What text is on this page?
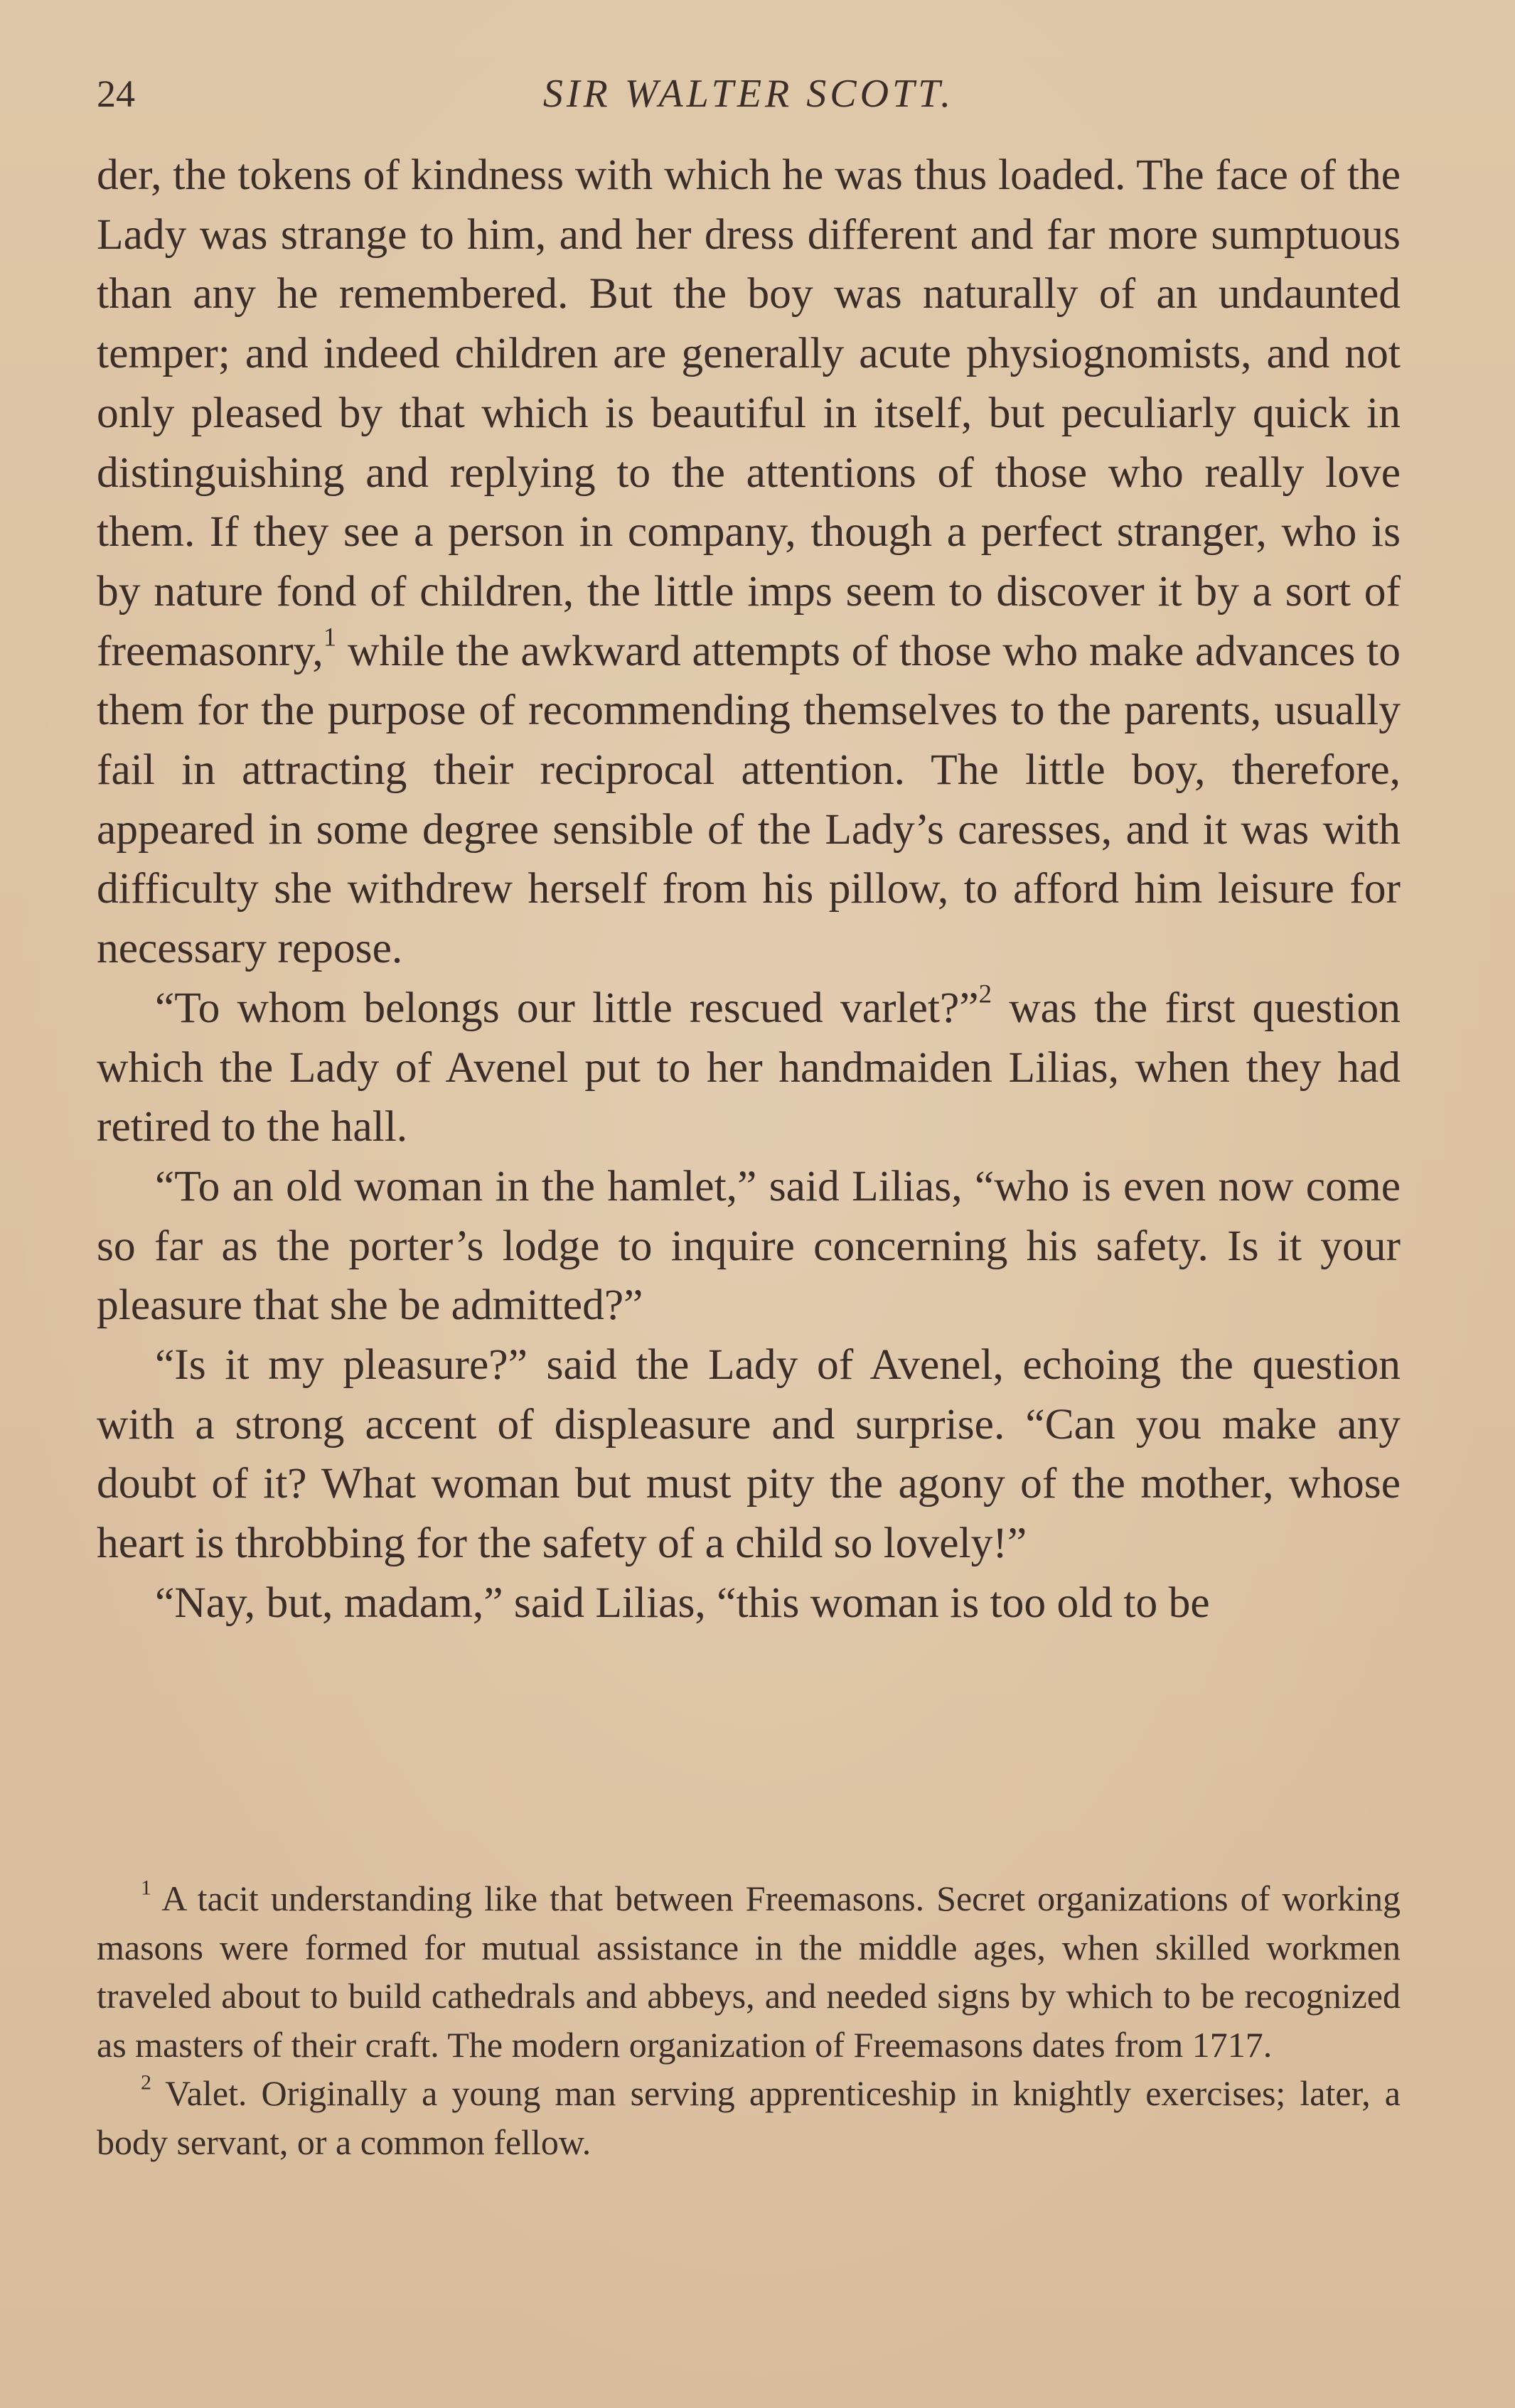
24	SIR WALTER SCOTT.

der, the tokens of kindness with which he was thus loaded. The face of the Lady was strange to him, and her dress different and far more sumptuous than any he remembered. But the boy was naturally of an undaunted temper; and indeed children are generally acute physiognomists, and not only pleased by that which is beautiful in itself, but peculiarly quick in distinguishing and replying to the attentions of those who really love them. If they see a person in company, though a perfect stranger, who is by nature fond of children, the little imps seem to discover it by a sort of freemasonry,$^1$ while the awkward attempts of those who make advances to them for the purpose of recommending themselves to the parents, usually fail in attracting their reciprocal attention. The little boy, therefore, appeared in some degree sensible of the Lady’s caresses, and it was with difficulty she withdrew herself from his pillow, to afford him leisure for necessary repose.

“To whom belongs our little rescued varlet?”$^2$ was the first question which the Lady of Avenel put to her handmaiden Lilias, when they had retired to the hall.

“To an old woman in the hamlet,” said Lilias, “who is even now come so far as the porter’s lodge to inquire concerning his safety. Is it your pleasure that she be admitted?”

“Is it my pleasure?” said the Lady of Avenel, echoing the question with a strong accent of displeasure and surprise. “Can you make any doubt of it? What woman but must pity the agony of the mother, whose heart is throbbing for the safety of a child so lovely!”

“Nay, but, madam,” said Lilias, “this woman is too old to be

$^1$ A tacit understanding like that between Freemasons. Secret organizations of working masons were formed for mutual assistance in the middle ages, when skilled workmen traveled about to build cathedrals and abbeys, and needed signs by which to be recognized as masters of their craft. The modern organization of Freemasons dates from 1717.

$^2$ Valet. Originally a young man serving apprenticeship in knightly exercises; later, a body servant, or a common fellow.
